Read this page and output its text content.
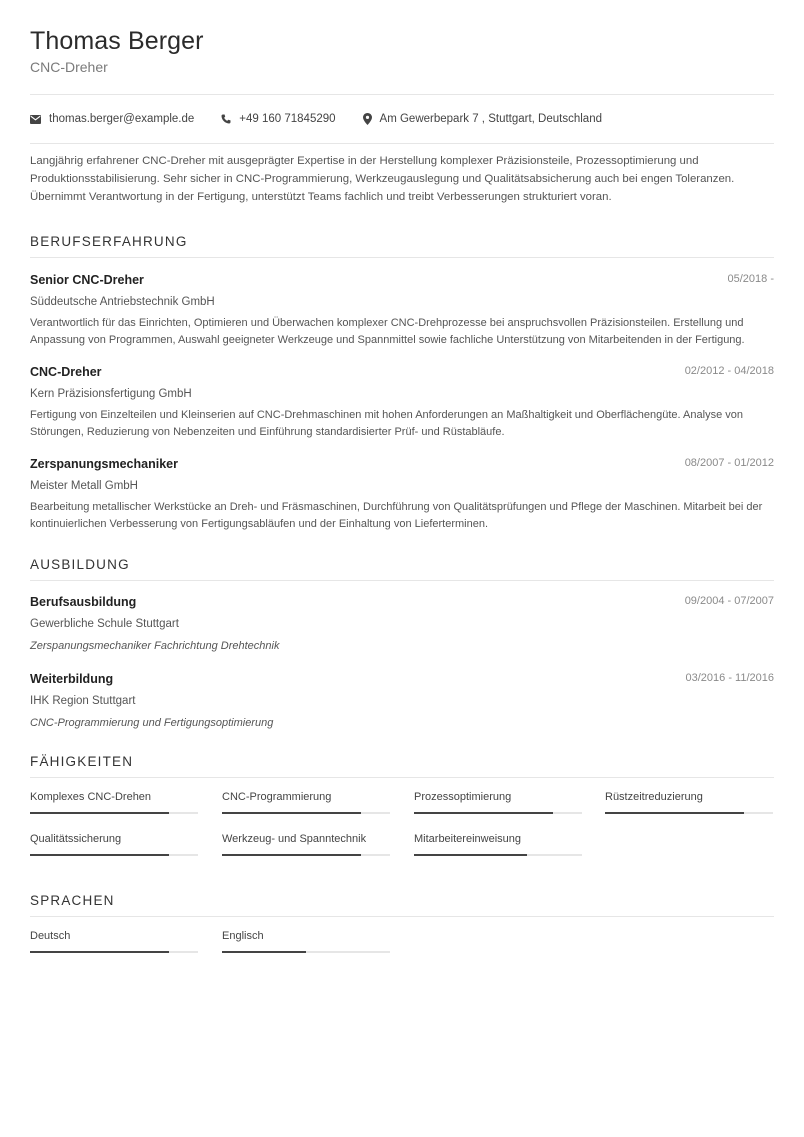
Thomas Berger
CNC-Dreher
thomas.berger@example.de	+49 160 71845290	Am Gewerbepark 7 , Stuttgart, Deutschland
Langjährig erfahrener CNC-Dreher mit ausgeprägter Expertise in der Herstellung komplexer Präzisionsteile, Prozessoptimierung und Produktionsstabilisierung. Sehr sicher in CNC-Programmierung, Werkzeugauslegung und Qualitätsabsicherung auch bei engen Toleranzen. Übernimmt Verantwortung in der Fertigung, unterstützt Teams fachlich und treibt Verbesserungen strukturiert voran.
BERUFSERFAHRUNG
Senior CNC-Dreher	05/2018 -
Süddeutsche Antriebstechnik GmbH
Verantwortlich für das Einrichten, Optimieren und Überwachen komplexer CNC-Drehprozesse bei anspruchsvollen Präzisionsteilen. Erstellung und Anpassung von Programmen, Auswahl geeigneter Werkzeuge und Spannmittel sowie fachliche Unterstützung von Mitarbeitenden in der Fertigung.
CNC-Dreher	02/2012 - 04/2018
Kern Präzisionsfertigung GmbH
Fertigung von Einzelteilen und Kleinserien auf CNC-Drehmaschinen mit hohen Anforderungen an Maßhaltigkeit und Oberflächengüte. Analyse von Störungen, Reduzierung von Nebenzeiten und Einführung standardisierter Prüf- und Rüstabläufe.
Zerspanungsmechaniker	08/2007 - 01/2012
Meister Metall GmbH
Bearbeitung metallischer Werkstücke an Dreh- und Fräsmaschinen, Durchführung von Qualitätsprüfungen und Pflege der Maschinen. Mitarbeit bei der kontinuierlichen Verbesserung von Fertigungsabläufen und der Einhaltung von Lieferterminen.
AUSBILDUNG
Berufsausbildung	09/2004 - 07/2007
Gewerbliche Schule Stuttgart
Zerspanungsmechaniker Fachrichtung Drehtechnik
Weiterbildung	03/2016 - 11/2016
IHK Region Stuttgart
CNC-Programmierung und Fertigungsoptimierung
FÄHIGKEITEN
Komplexes CNC-Drehen	CNC-Programmierung	Prozessoptimierung	Rüstzeitreduzierung
Qualitätssicherung	Werkzeug- und Spanntechnik	Mitarbeitereinweisung
SPRACHEN
Deutsch	Englisch
